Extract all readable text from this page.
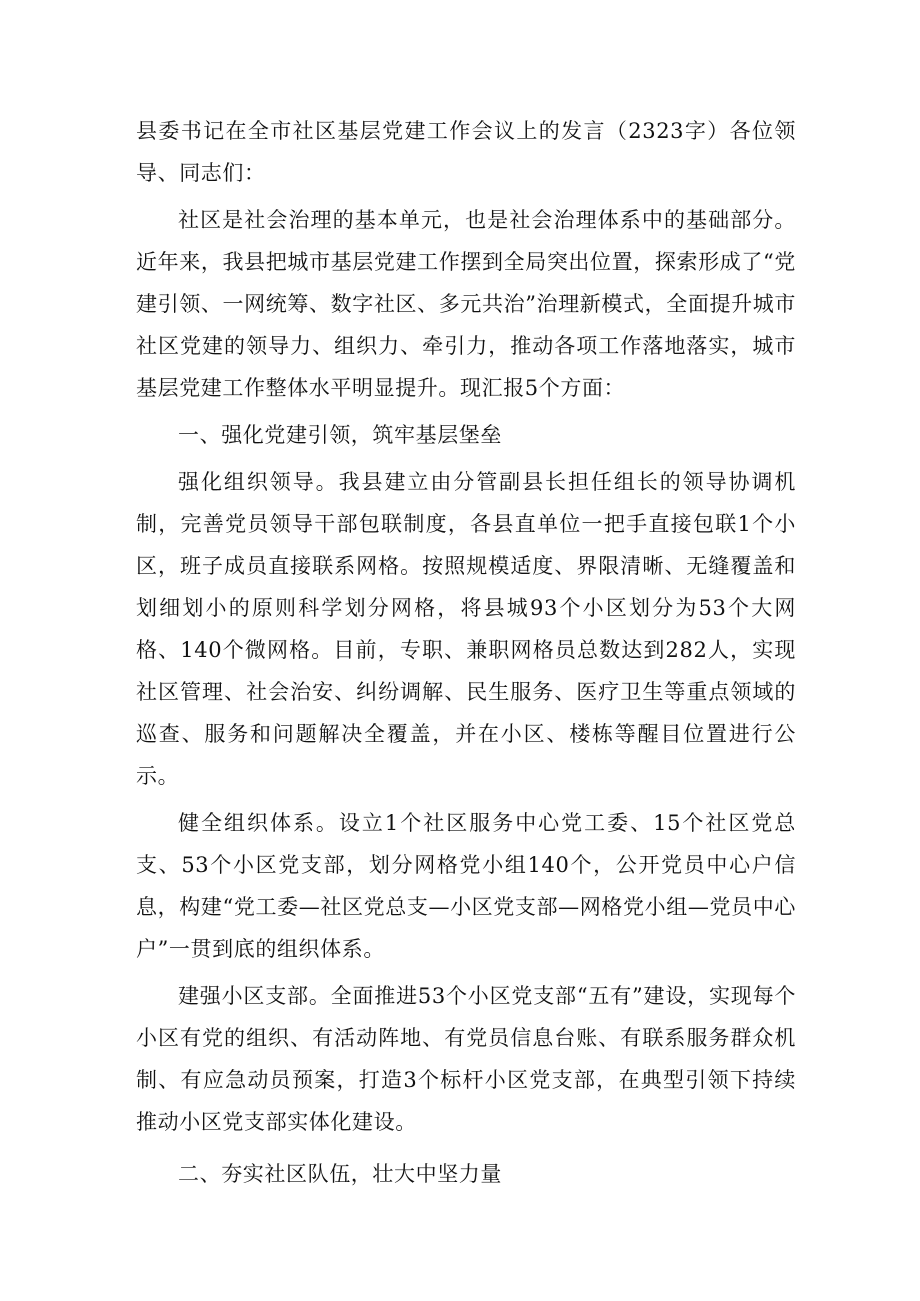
县委书记在全市社区基层党建工作会议上的发言（2323字）各位领导、同志们：

社区是社会治理的基本单元，也是社会治理体系中的基础部分。近年来，我县把城市基层党建工作摆到全局突出位置，探索形成了“党建引领、一网统筹、数字社区、多元共治”治理新模式，全面提升城市社区党建的领导力、组织力、牵引力，推动各项工作落地落实，城市基层党建工作整体水平明显提升。现汇报5个方面：

一、强化党建引领，筑牢基层堡垒

强化组织领导。我县建立由分管副县长担任组长的领导协调机制，完善党员领导干部包联制度，各县直单位一把手直接包联1个小区，班子成员直接联系网格。按照规模适度、界限清晰、无缝覆盖和划细划小的原则科学划分网格，将县城93个小区划分为53个大网格、140个微网格。目前，专职、兼职网格员总数达到282人，实现社区管理、社会治安、纠纷调解、民生服务、医疗卫生等重点领域的巡查、服务和问题解决全覆盖，并在小区、楼栋等醒目位置进行公示。

健全组织体系。设立1个社区服务中心党工委、15个社区党总支、53个小区党支部，划分网格党小组140个，公开党员中心户信息，构建“党工委—社区党总支—小区党支部—网格党小组—党员中心户”一贯到底的组织体系。

建强小区支部。全面推进53个小区党支部“五有”建设，实现每个小区有党的组织、有活动阵地、有党员信息台账、有联系服务群众机制、有应急动员预案，打造3个标杆小区党支部，在典型引领下持续推动小区党支部实体化建设。

二、夯实社区队伍，壮大中坚力量
